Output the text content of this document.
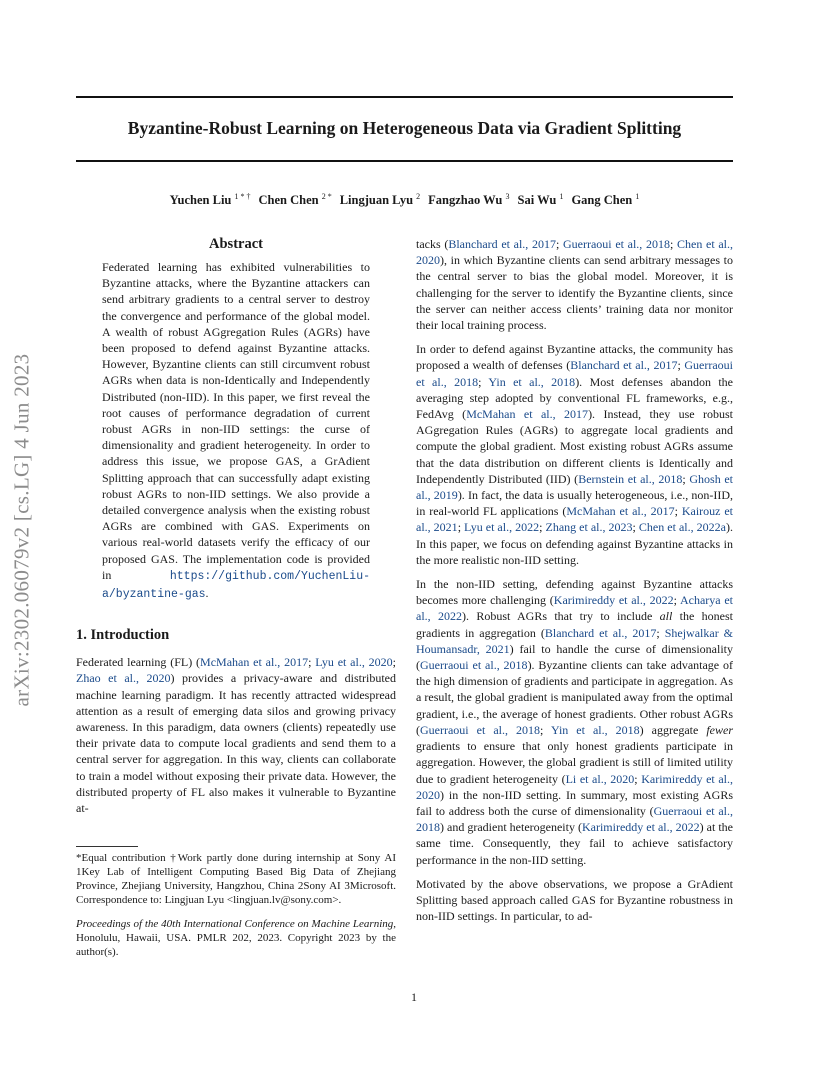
Byzantine-Robust Learning on Heterogeneous Data via Gradient Splitting
Yuchen Liu $^{1 * \dagger}$ Chen Chen $^{2 *}$ Lingjuan Lyu $^2$ Fangzhao Wu $^3$ Sai Wu $^1$ Gang Chen $^1$
arXiv:2302.06079v2 [cs.LG] 4 Jun 2023
Abstract
Federated learning has exhibited vulnerabilities to Byzantine attacks, where the Byzantine attackers can send arbitrary gradients to a central server to destroy the convergence and performance of the global model. A wealth of robust AGgregation Rules (AGRs) have been proposed to defend against Byzantine attacks. However, Byzantine clients can still circumvent robust AGRs when data is non-Identically and Independently Distributed (non-IID). In this paper, we first reveal the root causes of performance degradation of current robust AGRs in non-IID settings: the curse of dimensionality and gradient heterogeneity. In order to address this issue, we propose GAS, a GrAdient Splitting approach that can successfully adapt existing robust AGRs to non-IID settings. We also provide a detailed convergence analysis when the existing robust AGRs are combined with GAS. Experiments on various real-world datasets verify the efficacy of our proposed GAS. The implementation code is provided in https://github.com/YuchenLiu-a/byzantine-gas.
1. Introduction

Federated learning (FL) (McMahan et al., 2017; Lyu et al., 2020; Zhao et al., 2020) provides a privacy-aware and distributed machine learning paradigm. It has recently attracted widespread attention as a result of emerging data silos and growing privacy awareness. In this paradigm, data owners (clients) repeatedly use their private data to compute local gradients and send them to a central server for aggregation. In this way, clients can collaborate to train a model without exposing their private data. However, the distributed property of FL also makes it vulnerable to Byzantine at-

tacks (Blanchard et al., 2017; Guerraoui et al., 2018; Chen et al., 2020), in which Byzantine clients can send arbitrary messages to the central server to bias the global model. Moreover, it is challenging for the server to identify the Byzantine clients, since the server can neither access clients’ training data nor monitor their local training process.

In order to defend against Byzantine attacks, the community has proposed a wealth of defenses (Blanchard et al., 2017; Guerraoui et al., 2018; Yin et al., 2018). Most defenses abandon the averaging step adopted by conventional FL frameworks, e.g., FedAvg (McMahan et al., 2017). Instead, they use robust AGgregation Rules (AGRs) to aggregate local gradients and compute the global gradient. Most existing robust AGRs assume that the data distribution on different clients is Identically and Independently Distributed (IID) (Bernstein et al., 2018; Ghosh et al., 2019). In fact, the data is usually heterogeneous, i.e., non-IID, in real-world FL applications (McMahan et al., 2017; Kairouz et al., 2021; Lyu et al., 2022; Zhang et al., 2023; Chen et al., 2022a). In this paper, we focus on defending against Byzantine attacks in the more realistic non-IID setting.

In the non-IID setting, defending against Byzantine attacks becomes more challenging (Karimireddy et al., 2022; Acharya et al., 2022). Robust AGRs that try to include all the honest gradients in aggregation (Blanchard et al., 2017; Shejwalkar & Houmansadr, 2021) fail to handle the curse of dimensionality (Guerraoui et al., 2018). Byzantine clients can take advantage of the high dimension of gradients and participate in aggregation. As a result, the global gradient is manipulated away from the optimal gradient, i.e., the average of honest gradients. Other robust AGRs (Guerraoui et al., 2018; Yin et al., 2018) aggregate fewer gradients to ensure that only honest gradients participate in aggregation. However, the global gradient is still of limited utility due to gradient heterogeneity (Li et al., 2020; Karimireddy et al., 2020) in the non-IID setting. In summary, most existing AGRs fail to address both the curse of dimensionality (Guerraoui et al., 2018) and gradient heterogeneity (Karimireddy et al., 2022) at the same time. Consequently, they fail to achieve satisfactory performance in the non-IID setting.

Motivated by the above observations, we propose a GrAdient Splitting based approach called GAS for Byzantine robustness in non-IID settings. In particular, to ad-

*Equal contribution †Work partly done during internship at Sony AI 1Key Lab of Intelligent Computing Based Big Data of Zhejiang Province, Zhejiang University, Hangzhou, China 2Sony AI 3Microsoft. Correspondence to: Lingjuan Lyu <lingjuan.lv@sony.com>.
Proceedings of the 40th International Conference on Machine Learning, Honolulu, Hawaii, USA. PMLR 202, 2023. Copyright 2023 by the author(s).
1
